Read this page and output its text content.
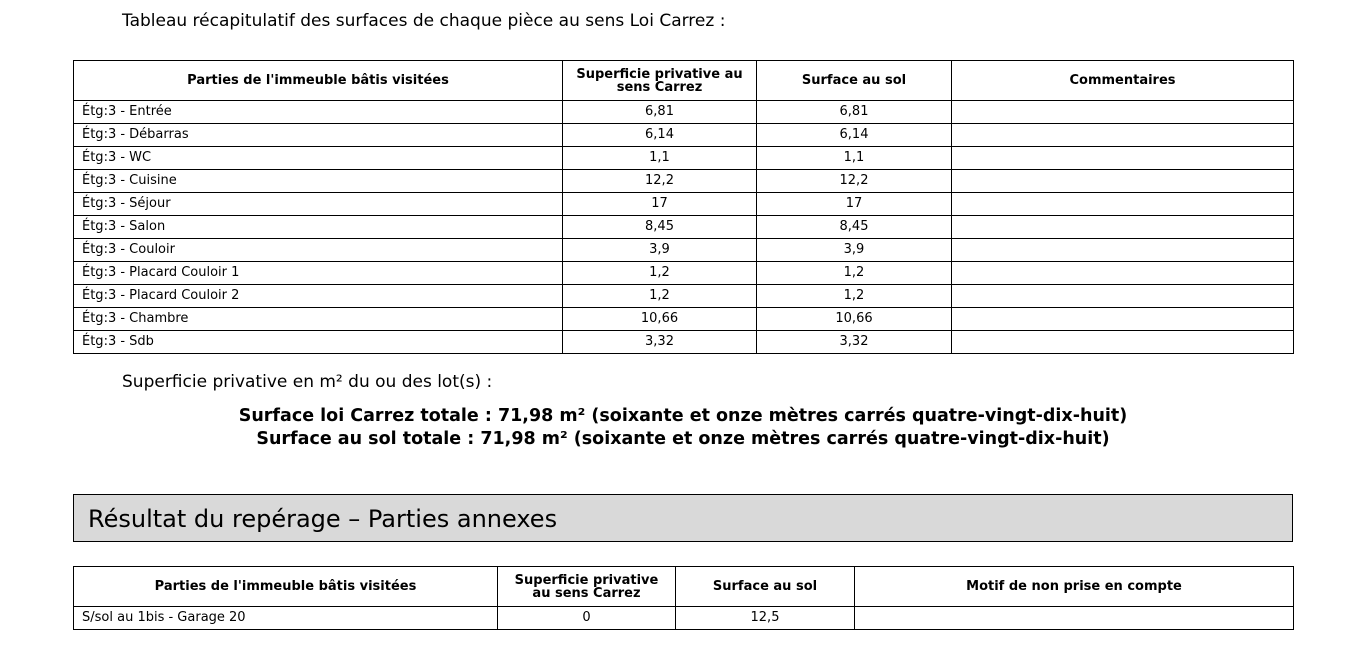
Tableau récapitulatif des surfaces de chaque pièce au sens Loi Carrez :
Parties de l'immeuble bâtis visitées	Superficie privative au sens Carrez	Surface au sol	Commentaires
Étg:3 - Entrée	6,81	6,81	
Étg:3 - Débarras	6,14	6,14	
Étg:3 - WC	1,1	1,1	
Étg:3 - Cuisine	12,2	12,2	
Étg:3 - Séjour	17	17	
Étg:3 - Salon	8,45	8,45	
Étg:3 - Couloir	3,9	3,9	
Étg:3 - Placard Couloir 1	1,2	1,2	
Étg:3 - Placard Couloir 2	1,2	1,2	
Étg:3 - Chambre	10,66	10,66	
Étg:3 - Sdb	3,32	3,32	
Superficie privative en m² du ou des lot(s) :
Surface loi Carrez totale : 71,98 m² (soixante et onze mètres carrés quatre-vingt-dix-huit)
Surface au sol totale : 71,98 m² (soixante et onze mètres carrés quatre-vingt-dix-huit)
Résultat du repérage – Parties annexes
Parties de l'immeuble bâtis visitées	Superficie privative au sens Carrez	Surface au sol	Motif de non prise en compte
S/sol au 1bis - Garage 20	0	12,5	
